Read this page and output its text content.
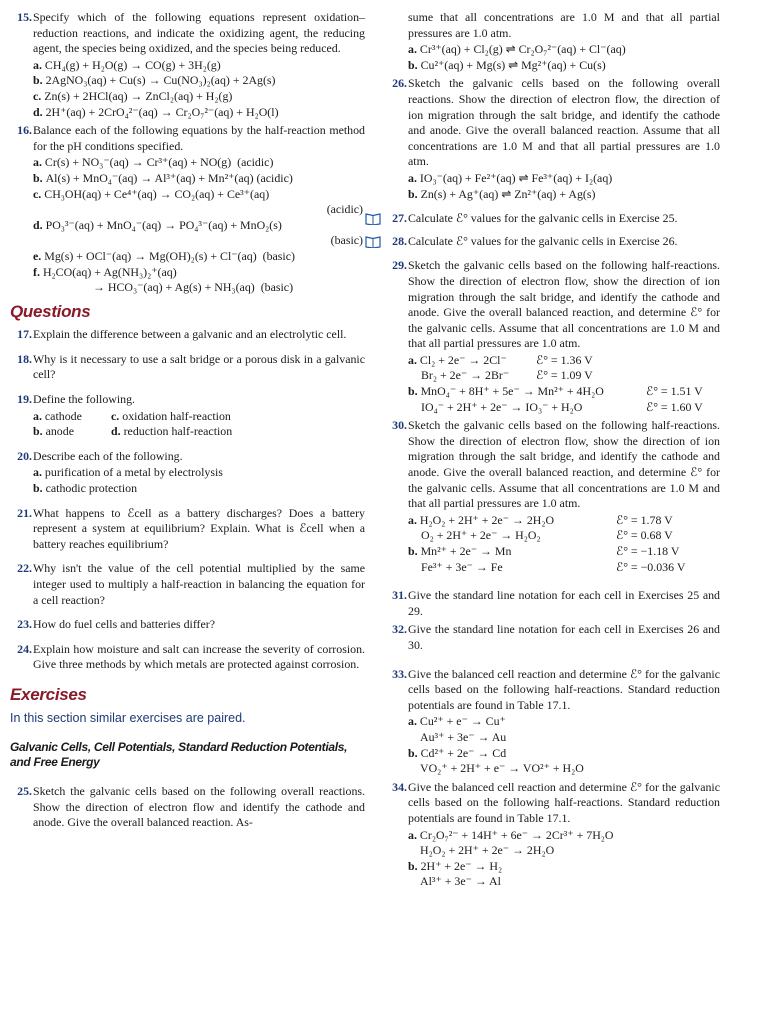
15. Specify which of the following equations represent oxidation–reduction reactions, and indicate the oxidizing agent, the reducing agent, the species being oxidized, and the species being reduced.
a. CH₄(g) + H₂O(g) → CO(g) + 3H₂(g)
b. 2AgNO₃(aq) + Cu(s) → Cu(NO₃)₂(aq) + 2Ag(s)
c. Zn(s) + 2HCl(aq) → ZnCl₂(aq) + H₂(g)
d. 2H⁺(aq) + 2CrO₄²⁻(aq) → Cr₂O₇²⁻(aq) + H₂O(l)
16. Balance each of the following equations by the half-reaction method for the pH conditions specified.
a. Cr(s) + NO₃⁻(aq) → Cr³⁺(aq) + NO(g) (acidic)
b. Al(s) + MnO₄⁻(aq) → Al³⁺(aq) + Mn²⁺(aq) (acidic)
c. CH₃OH(aq) + Ce⁴⁺(aq) → CO₂(aq) + Ce³⁺(aq)
(acidic)
d. PO₃³⁻(aq) + MnO₄⁻(aq) → PO₄³⁻(aq) + MnO₂(s)
(basic)
e. Mg(s) + OCl⁻(aq) → Mg(OH)₂(s) + Cl⁻(aq) (basic)
f. H₂CO(aq) + Ag(NH₃)₂⁺(aq)
→ HCO₃⁻(aq) + Ag(s) + NH₃(aq) (basic)
Questions
17. Explain the difference between a galvanic and an electrolytic cell.
18. Why is it necessary to use a salt bridge or a porous disk in a galvanic cell?
19. Define the following.
a. cathode	c. oxidation half-reaction
b. anode	d. reduction half-reaction
20. Describe each of the following.
a. purification of a metal by electrolysis
b. cathodic protection
21. What happens to ℰcell as a battery discharges? Does a battery represent a system at equilibrium? Explain. What is ℰcell when a battery reaches equilibrium?
22. Why isn't the value of the cell potential multiplied by the same integer used to multiply a half-reaction in balancing the equation for a cell reaction?
23. How do fuel cells and batteries differ?
24. Explain how moisture and salt can increase the severity of corrosion. Give three methods by which metals are protected against corrosion.
Exercises
In this section similar exercises are paired.
Galvanic Cells, Cell Potentials, Standard Reduction Potentials, and Free Energy
25. Sketch the galvanic cells based on the following overall reactions. Show the direction of electron flow and identify the cathode and anode. Give the overall balanced reaction. As-
sume that all concentrations are 1.0 M and that all partial pressures are 1.0 atm.
a. Cr³⁺(aq) + Cl₂(g) ⇌ Cr₂O₇²⁻(aq) + Cl⁻(aq)
b. Cu²⁺(aq) + Mg(s) ⇌ Mg²⁺(aq) + Cu(s)
26. Sketch the galvanic cells based on the following overall reactions. Show the direction of electron flow, the direction of ion migration through the salt bridge, and identify the cathode and anode. Give the overall balanced reaction. Assume that all concentrations are 1.0 M and that all partial pressures are 1.0 atm.
a. IO₃⁻(aq) + Fe²⁺(aq) ⇌ Fe³⁺(aq) + I₂(aq)
b. Zn(s) + Ag⁺(aq) ⇌ Zn²⁺(aq) + Ag(s)
27. Calculate ℰ° values for the galvanic cells in Exercise 25.
28. Calculate ℰ° values for the galvanic cells in Exercise 26.
29. Sketch the galvanic cells based on the following half-reactions. Show the direction of electron flow, show the direction of ion migration through the salt bridge, and identify the cathode and anode. Give the overall balanced reaction, and determine ℰ° for the galvanic cells. Assume that all concentrations are 1.0 M and that all partial pressures are 1.0 atm.
a. Cl₂ + 2e⁻ → 2Cl⁻ ℰ° = 1.36 V
Br₂ + 2e⁻ → 2Br⁻ ℰ° = 1.09 V
b. MnO₄⁻ + 8H⁺ + 5e⁻ → Mn²⁺ + 4H₂O	ℰ° = 1.51 V
IO₄⁻ + 2H⁺ + 2e⁻ → IO₃⁻ + H₂O	ℰ° = 1.60 V
30. Sketch the galvanic cells based on the following half-reactions. Show the direction of electron flow, show the direction of ion migration through the salt bridge, and identify the cathode and anode. Give the overall balanced reaction, and determine ℰ° for the galvanic cells. Assume that all concentrations are 1.0 M and that all partial pressures are 1.0 atm.
a. H₂O₂ + 2H⁺ + 2e⁻ → 2H₂O	ℰ° = 1.78 V
O₂ + 2H⁺ + 2e⁻ → H₂O₂	ℰ° = 0.68 V
b. Mn²⁺ + 2e⁻ → Mn	ℰ° = −1.18 V
Fe³⁺ + 3e⁻ → Fe	ℰ° = −0.036 V
31. Give the standard line notation for each cell in Exercises 25 and 29.
32. Give the standard line notation for each cell in Exercises 26 and 30.
33. Give the balanced cell reaction and determine ℰ° for the galvanic cells based on the following half-reactions. Standard reduction potentials are found in Table 17.1.
a. Cu²⁺ + e⁻ → Cu⁺
Au³⁺ + 3e⁻ → Au
b. Cd²⁺ + 2e⁻ → Cd
VO₂⁺ + 2H⁺ + e⁻ → VO²⁺ + H₂O
34. Give the balanced cell reaction and determine ℰ° for the galvanic cells based on the following half-reactions. Standard reduction potentials are found in Table 17.1.
a. Cr₂O₇²⁻ + 14H⁺ + 6e⁻ → 2Cr³⁺ + 7H₂O
H₂O₂ + 2H⁺ + 2e⁻ → 2H₂O
b. 2H⁺ + 2e⁻ → H₂
Al³⁺ + 3e⁻ → Al
